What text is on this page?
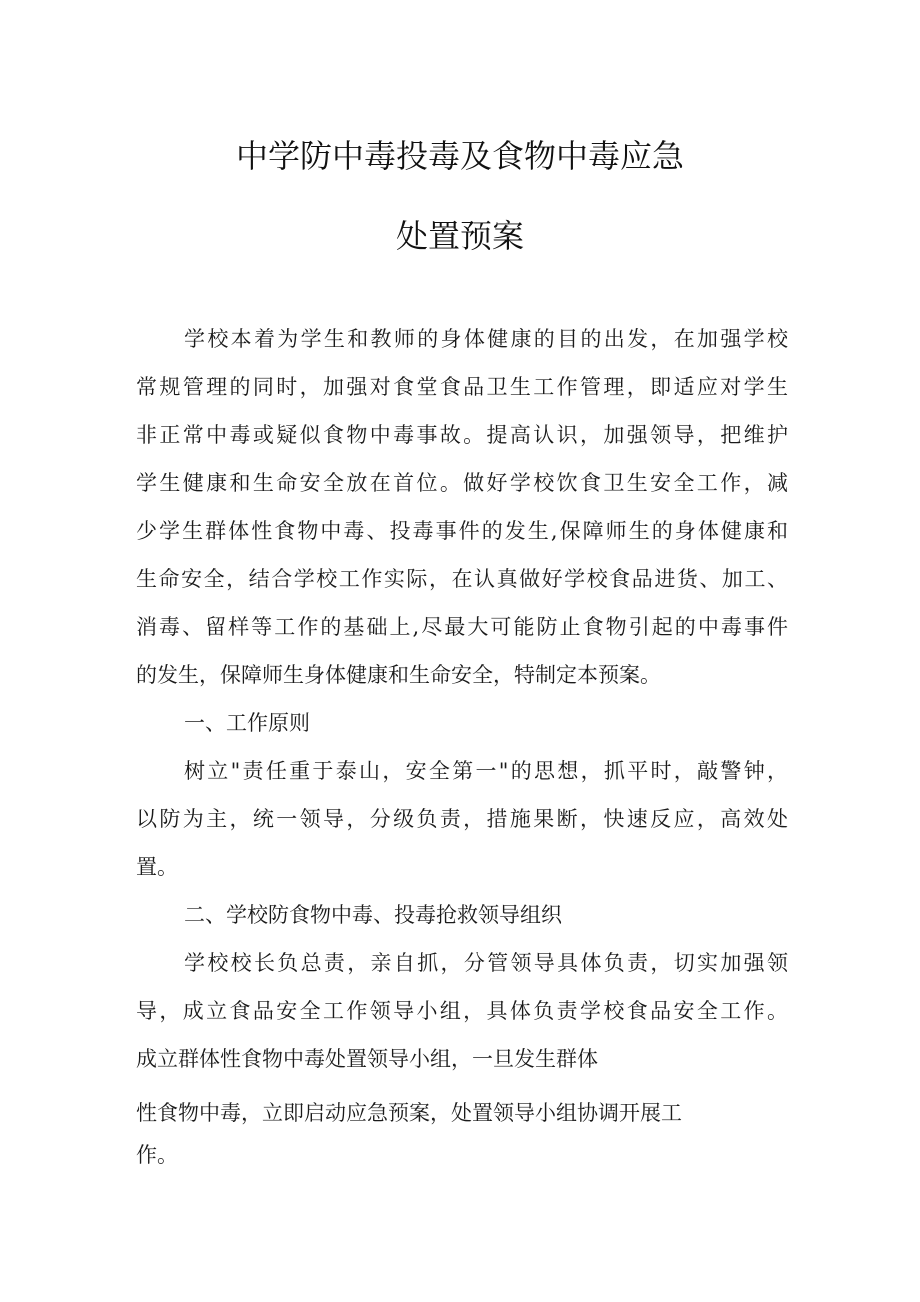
中学防中毒投毒及食物中毒应急
处置预案

学校本着为学生和教师的身体健康的目的出发，在加强学校

常规管理的同时，加强对食堂食品卫生工作管理，即适应对学生

非正常中毒或疑似食物中毒事故。提高认识，加强领导，把维护

学生健康和生命安全放在首位。做好学校饮食卫生安全工作，减

少学生群体性食物中毒、投毒事件的发生,保障师生的身体健康和

生命安全，结合学校工作实际，在认真做好学校食品进货、加工、

消毒、留样等工作的基础上,尽最大可能防止食物引起的中毒事件

的发生，保障师生身体健康和生命安全，特制定本预案。

一、工作原则

树立"责任重于泰山，安全第一"的思想，抓平时，敲警钟，

以防为主，统一领导，分级负责，措施果断，快速反应，高效处

置。

二、学校防食物中毒、投毒抢救领导组织

学校校长负总责，亲自抓，分管领导具体负责，切实加强领

导，成立食品安全工作领导小组，具体负责学校食品安全工作。

成立群体性食物中毒处置领导小组，一旦发生群体

性食物中毒，立即启动应急预案，处置领导小组协调开展工

作。
